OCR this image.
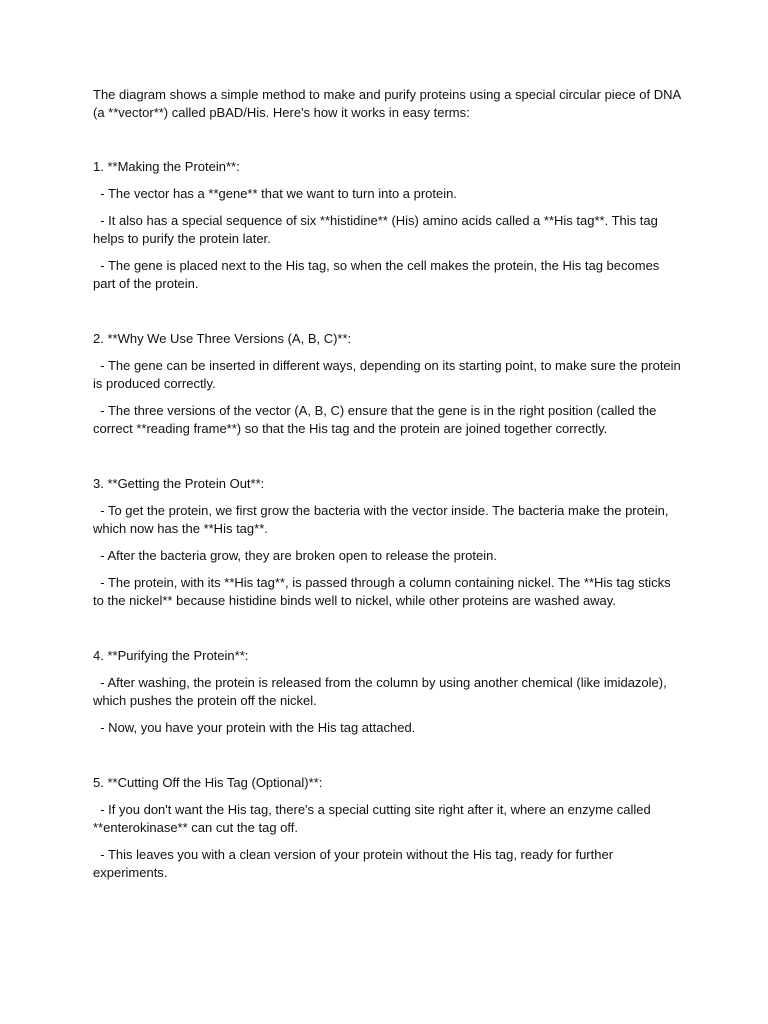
The diagram shows a simple method to make and purify proteins using a special circular piece of DNA (a **vector**) called pBAD/His. Here's how it works in easy terms:

1. **Making the Protein**:

- The vector has a **gene** that we want to turn into a protein.

- It also has a special sequence of six **histidine** (His) amino acids called a **His tag**. This tag helps to purify the protein later.

- The gene is placed next to the His tag, so when the cell makes the protein, the His tag becomes part of the protein.

2. **Why We Use Three Versions (A, B, C)**:

- The gene can be inserted in different ways, depending on its starting point, to make sure the protein is produced correctly.

- The three versions of the vector (A, B, C) ensure that the gene is in the right position (called the correct **reading frame**) so that the His tag and the protein are joined together correctly.

3. **Getting the Protein Out**:

- To get the protein, we first grow the bacteria with the vector inside. The bacteria make the protein, which now has the **His tag**.

- After the bacteria grow, they are broken open to release the protein.

- The protein, with its **His tag**, is passed through a column containing nickel. The **His tag sticks to the nickel** because histidine binds well to nickel, while other proteins are washed away.

4. **Purifying the Protein**:

- After washing, the protein is released from the column by using another chemical (like imidazole), which pushes the protein off the nickel.

- Now, you have your protein with the His tag attached.

5. **Cutting Off the His Tag (Optional)**:

- If you don't want the His tag, there's a special cutting site right after it, where an enzyme called **enterokinase** can cut the tag off.

- This leaves you with a clean version of your protein without the His tag, ready for further experiments.
